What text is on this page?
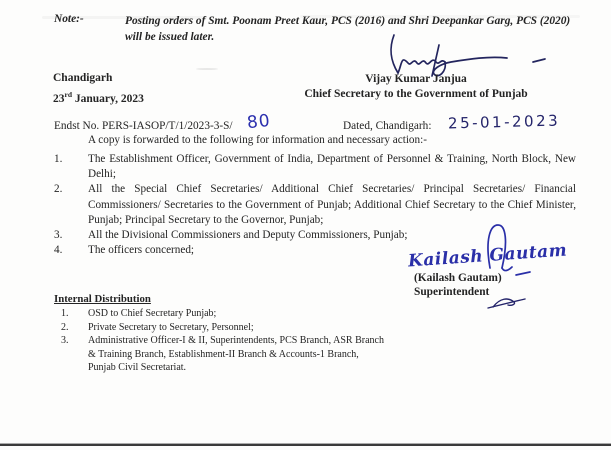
Note:-	Posting orders of Smt. Poonam Preet Kaur, PCS (2016) and Shri Deepankar Garg, PCS (2020) will be issued later.
Chandigarh
23rd January, 2023
Vijay Kumar Janjua
Chief Secretary to the Government of Punjab
Endst No. PERS-IASOP/T/1/2023-3-S/ 80	Dated, Chandigarh: 25-01-2023
A copy is forwarded to the following for information and necessary action:-
1.	The Establishment Officer, Government of India, Department of Personnel & Training, North Block, New Delhi;
2.	All the Special Chief Secretaries/ Additional Chief Secretaries/ Principal Secretaries/ Financial Commissioners/ Secretaries to the Government of Punjab; Additional Chief Secretary to the Chief Minister, Punjab; Principal Secretary to the Governor, Punjab;
3.	All the Divisional Commissioners and Deputy Commissioners, Punjab;
4.	The officers concerned;	Kailash Gautam
(Kailash Gautam)
Superintendent
Internal Distribution
1.	OSD to Chief Secretary Punjab;
2.	Private Secretary to Secretary, Personnel;
3.	Administrative Officer-I & II, Superintendents, PCS Branch, ASR Branch & Training Branch, Establishment-II Branch & Accounts-1 Branch, Punjab Civil Secretariat.
